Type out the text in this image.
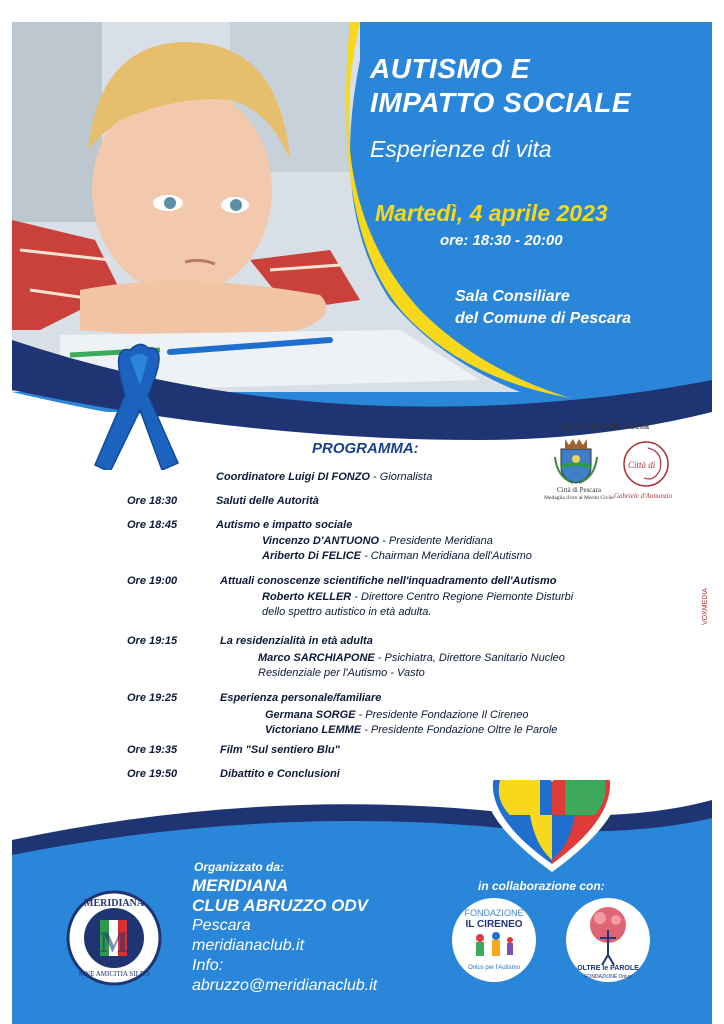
AUTISMO E
IMPATTO SOCIALE
Esperienze di vita
Martedì, 4 aprile 2023
ore: 18:30 - 20:00
Sala Consiliare
del Comune di Pescara
Con il patrocinio della
Città di Pescara
Medaglia d'oro al Merito Civile
Città di
Gabriele d'Annunzio
PROGRAMMA:
Coordinatore Luigi DI FONZO - Giornalista
Ore 18:30	Saluti delle Autorità
Ore 18:45	Autismo e impatto sociale
Vincenzo D'ANTUONO - Presidente Meridiana
Ariberto Di FELICE - Chairman Meridiana dell'Autismo
Ore 19:00	Attuali conoscenze scientifiche nell'inquadramento dell'Autismo
Roberto KELLER - Direttore Centro Regione Piemonte Disturbi
dello spettro autistico in età adulta.
Ore 19:15	La residenzialità in età adulta
Marco SARCHIAPONE - Psichiatra, Direttore Sanitario Nucleo
Residenziale per l'Autismo - Vasto
Ore 19:25	Esperienza personale/familiare
Germana SORGE - Presidente Fondazione Il Cireneo
Victoriano LEMME - Presidente Fondazione Oltre le Parole
Ore 19:35	Film "Sul sentiero Blu"
Ore 19:50	Dibattito e Conclusioni
VOXMEDIA
MERIDIANA
SINE AMICITIA SILEO
M
FONDAZIONE
IL CIRENEO
Onlus per l'Autismo	OLTRE le PAROLE
FONDAZIONE Onlus
Organizzato da:
MERIDIANA
CLUB ABRUZZO ODV
Pescara
meridianaclub.it
Info:
abruzzo@meridianaclub.it
in collaborazione con:
